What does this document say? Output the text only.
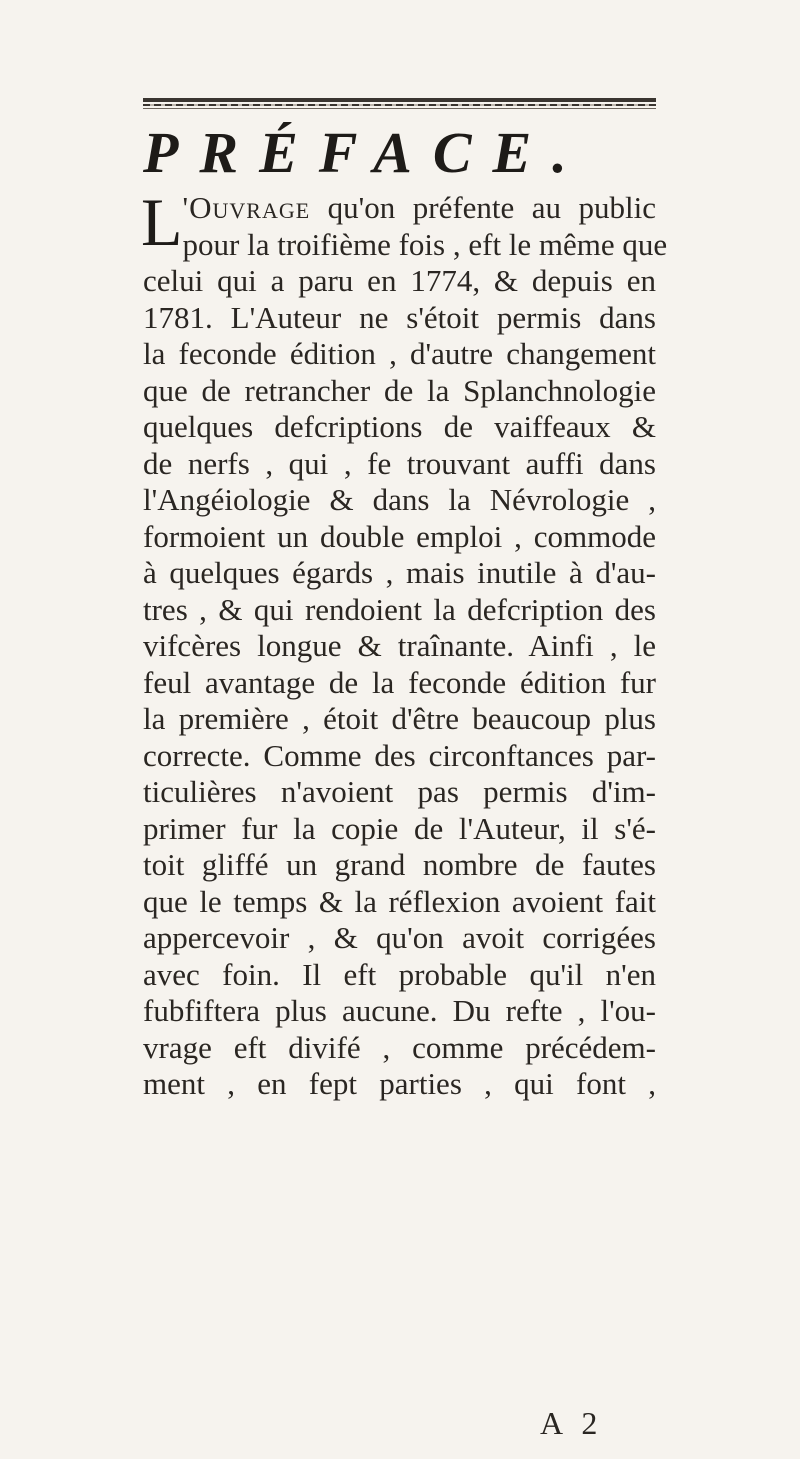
PRÉFACE.
L 'Ouvrage qu'on préfente au public
pour la troifième fois , eft le même que
celui qui a paru en 1774, & depuis en
1781. L'Auteur ne s'étoit permis dans
la feconde édition , d'autre changement
que de retrancher de la Splanchnologie
quelques defcriptions de vaiffeaux &
de nerfs , qui , fe trouvant auffi dans
l'Angéiologie & dans la Névrologie ,
formoient un double emploi , commode
à quelques égards , mais inutile à d'au-
tres , & qui rendoient la defcription des
vifcères longue & traînante. Ainfi , le
feul avantage de la feconde édition fur
la première , étoit d'être beaucoup plus
correcte. Comme des circonftances par-
ticulières n'avoient pas permis d'im-
primer fur la copie de l'Auteur, il s'é-
toit gliffé un grand nombre de fautes
que le temps & la réflexion avoient fait
appercevoir , & qu'on avoit corrigées
avec foin. Il eft probable qu'il n'en
fubfiftera plus aucune. Du refte , l'ou-
vrage eft divifé , comme précédem-
ment , en fept parties , qui font ,
A 2
